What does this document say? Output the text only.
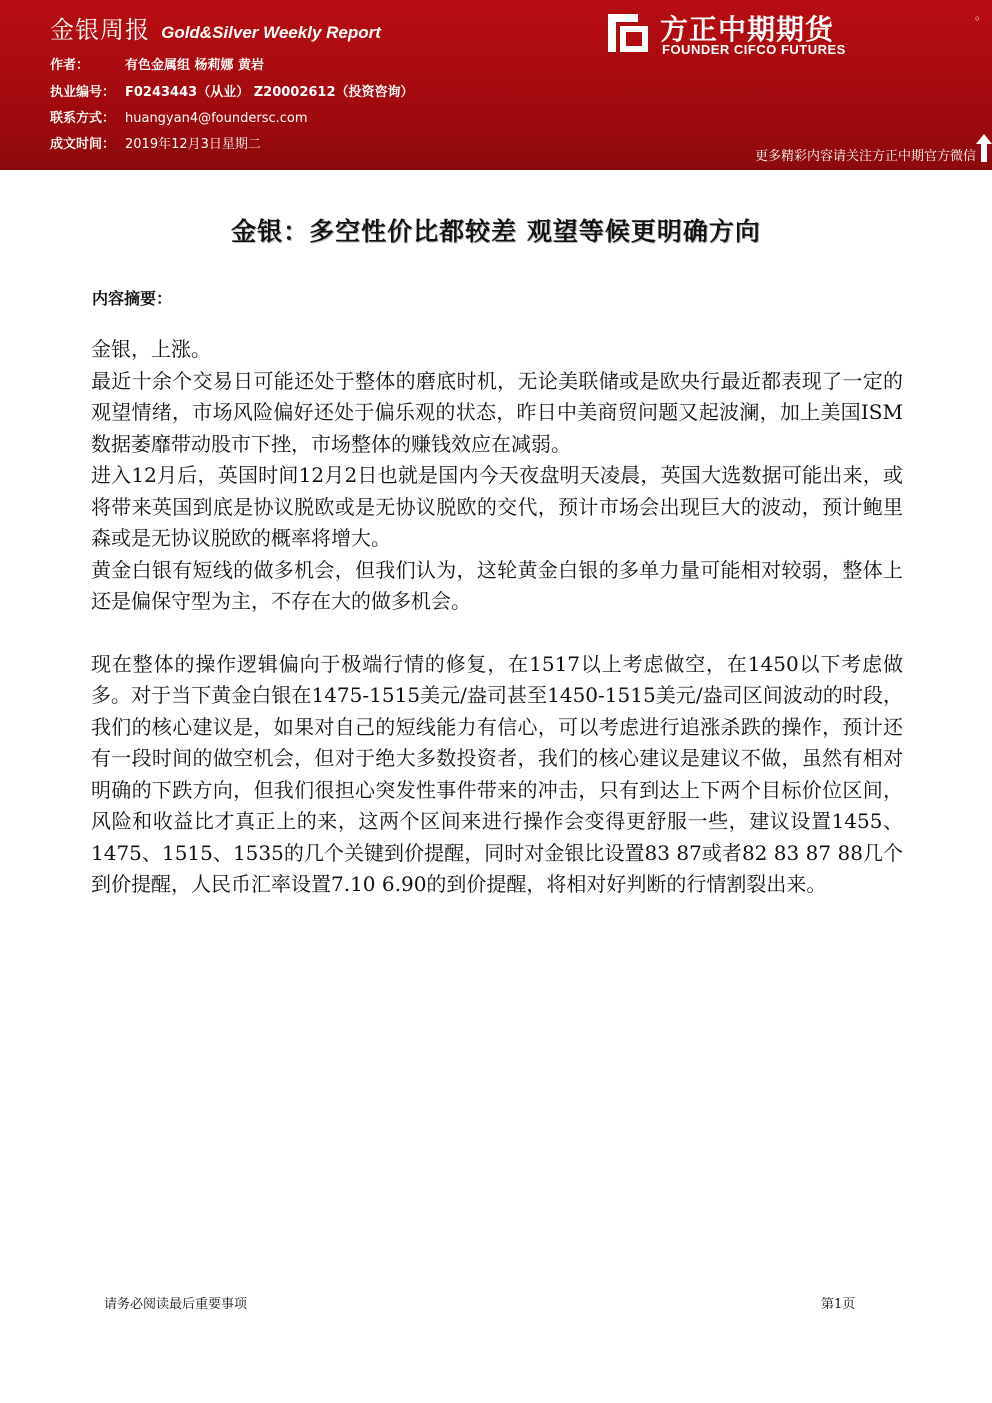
金银周报 Gold&Silver Weekly Report
作者：	有色金属组 杨莉娜 黄岩
执业编号： F0243443（从业） Z20002612（投资咨询）
联系方式： huangyan4@foundersc.com
成文时间： 2019年12月3日星期二
方正中期期货
FOUNDER CIFCO FUTURES
。
更多精彩内容请关注方正中期官方微信
金银：多空性价比都较差 观望等候更明确方向
内容摘要：

金银，上涨。

最近十余个交易日可能还处于整体的磨底时机，无论美联储或是欧央行最近都表现了一定的观望情绪，市场风险偏好还处于偏乐观的状态，昨日中美商贸问题又起波澜，加上美国ISM数据萎靡带动股市下挫，市场整体的赚钱效应在减弱。

进入12月后，英国时间12月2日也就是国内今天夜盘明天凌晨，英国大选数据可能出来，或将带来英国到底是协议脱欧或是无协议脱欧的交代，预计市场会出现巨大的波动，预计鲍里森或是无协议脱欧的概率将增大。

黄金白银有短线的做多机会，但我们认为，这轮黄金白银的多单力量可能相对较弱，整体上还是偏保守型为主，不存在大的做多机会。

现在整体的操作逻辑偏向于极端行情的修复，在1517以上考虑做空，在1450以下考虑做多。对于当下黄金白银在1475-1515美元/盎司甚至1450-1515美元/盎司区间波动的时段，我们的核心建议是，如果对自己的短线能力有信心，可以考虑进行追涨杀跌的操作，预计还有一段时间的做空机会，但对于绝大多数投资者，我们的核心建议是建议不做，虽然有相对明确的下跌方向，但我们很担心突发性事件带来的冲击，只有到达上下两个目标价位区间，风险和收益比才真正上的来，这两个区间来进行操作会变得更舒服一些，建议设置1455、1475、1515、1535的几个关键到价提醒，同时对金银比设置83 87或者82 83 87 88几个到价提醒，人民币汇率设置7.10 6.90的到价提醒，将相对好判断的行情割裂出来。

请务必阅读最后重要事项	第1页
